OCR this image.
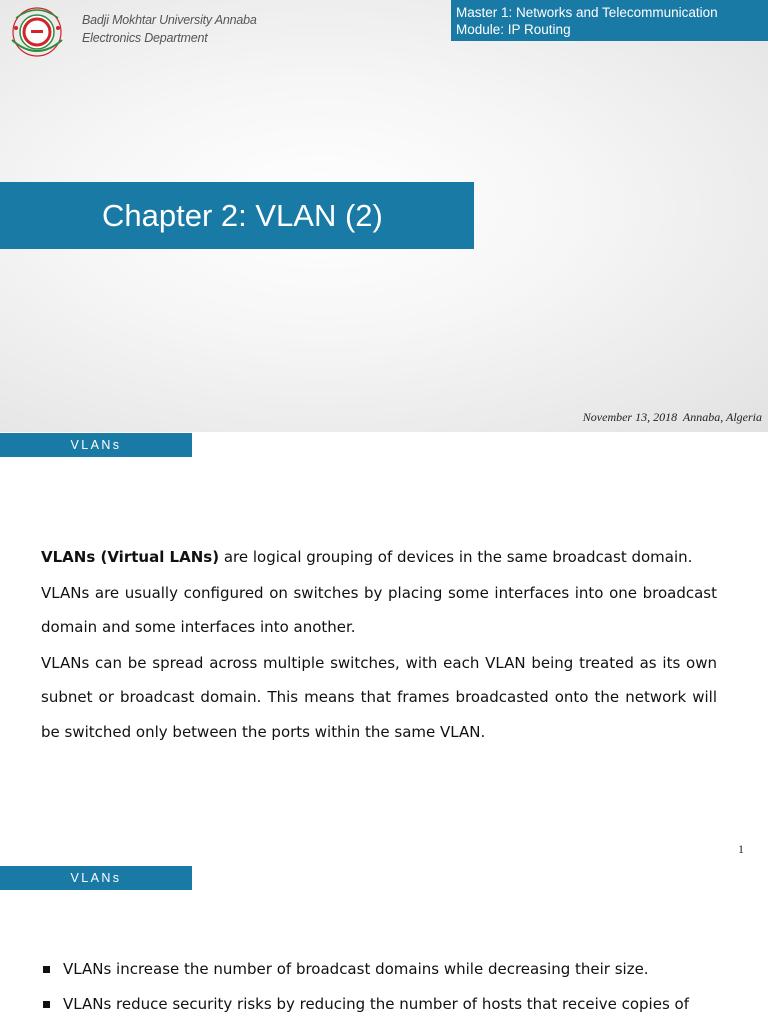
Badji Mokhtar University Annaba
Electronics Department
Master 1: Networks and Telecommunication
Module: IP Routing
Chapter 2: VLAN (2)
November 13, 2018  Annaba, Algeria
VLANs

VLANs (Virtual LANs) are logical grouping of devices in the same broadcast domain.

VLANs are usually configured on switches by placing some interfaces into one broadcast domain and some interfaces into another.

VLANs can be spread across multiple switches, with each VLAN being treated as its own subnet or broadcast domain. This means that frames broadcasted onto the network will be switched only between the ports within the same VLAN.

1
VLANs
VLANs increase the number of broadcast domains while decreasing their size.
VLANs reduce security risks by reducing the number of hosts that receive copies of
